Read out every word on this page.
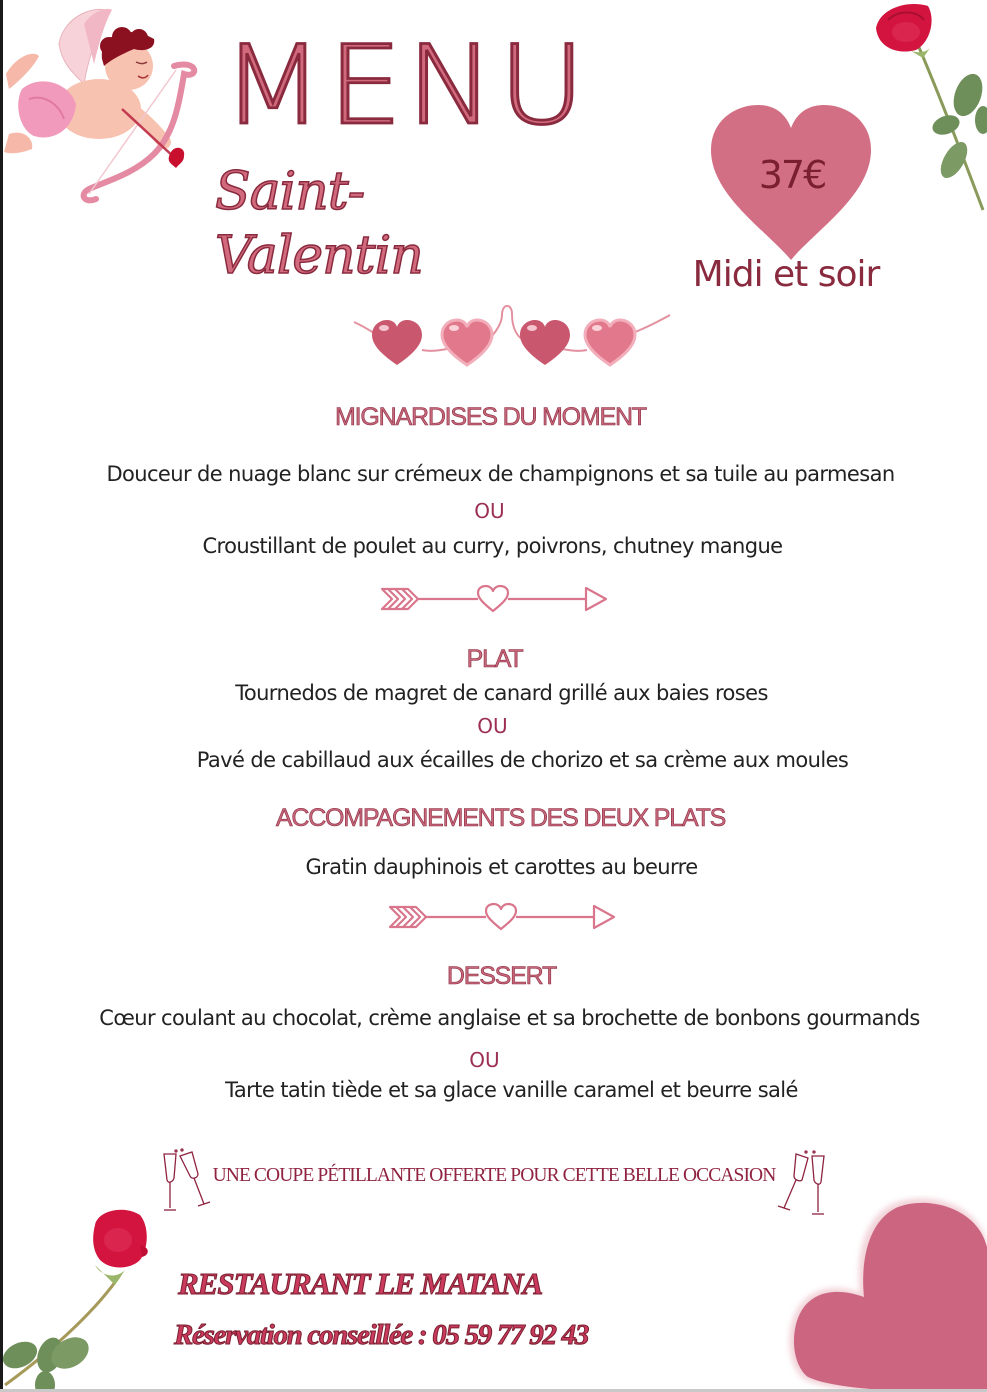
MENU
Saint-Valentin
37€
Midi et soir
MIGNARDISES DU MOMENT
Douceur de nuage blanc sur crémeux de champignons et sa tuile au parmesan
OU
Croustillant de poulet au curry, poivrons, chutney mangue
PLAT
Tournedos de magret de canard grillé aux baies roses
OU
Pavé de cabillaud aux écailles de chorizo et sa crème aux moules
ACCOMPAGNEMENTS DES DEUX PLATS
Gratin dauphinois et carottes au beurre
DESSERT
Cœur coulant au chocolat, crème anglaise et sa brochette de bonbons gourmands
OU
Tarte tatin tiède et sa glace vanille caramel et beurre salé
UNE COUPE PÉTILLANTE OFFERTE POUR CETTE BELLE OCCASION
RESTAURANT LE MATANA
Réservation conseillée : 05 59 77 92 43
